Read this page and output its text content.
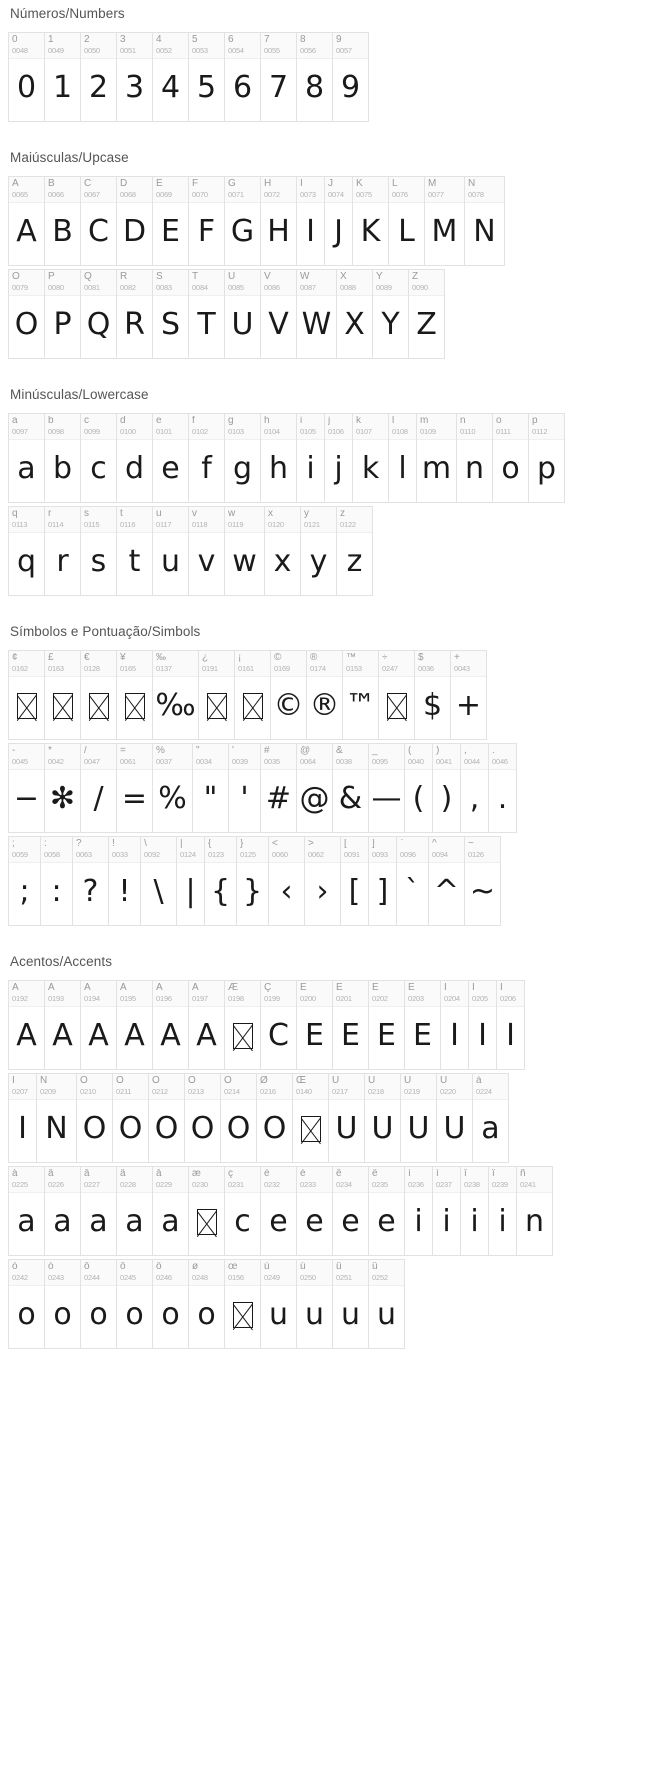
Números/Numbers
0
0048
0
1
0049
1
2
0050
2
3
0051
3
4
0052
4
5
0053
5
6
0054
6
7
0055
7
8
0056
8
9
0057
9
Maiúsculas/Upcase
A
0065
A
B
0066
B
C
0067
C
D
0068
D
E
0069
E
F
0070
F
G
0071
G
H
0072
H
I
0073
I
J
0074
J
K
0075
K
L
0076
L
M
0077
M
N
0078
N
O
0079
O
P
0080
P
Q
0081
Q
R
0082
R
S
0083
S
T
0084
T
U
0085
U
V
0086
V
W
0087
W
X
0088
X
Y
0089
Y
Z
0090
Z
Minúsculas/Lowercase
a
0097
a
b
0098
b
c
0099
c
d
0100
d
e
0101
e
f
0102
f
g
0103
g
h
0104
h
i
0105
i
j
0106
j
k
0107
k
l
0108
l
m
0109
m
n
0110
n
o
0111
o
p
0112
p
q
0113
q
r
0114
r
s
0115
s
t
0116
t
u
0117
u
v
0118
v
w
0119
w
x
0120
x
y
0121
y
z
0122
z
Símbolos e Pontuação/Simbols
¢
0162
£
0163
€
0128
¥
0165
‰
0137
‰
¿
0191
¡
0161
©
0169
©
®
0174
®
™
0153
™
÷
0247
$
0036
$
+
0043
+
-
0045
−
*
0042
✻
/
0047
/
=
0061
=
%
0037
%
"
0034
"
'
0039
'
#
0035
#
@
0064
@
&
0038
&
_
0095
—
(
0040
(
)
0041
)
,
0044
,
.
0046
.
;
0059
;
:
0058
:
?
0063
?
!
0033
!
\
0092
\
|
0124
|
{
0123
{
}
0125
}
<
0060
‹
>
0062
›
[
0091
[
]
0093
]
`
0096
`
^
0094
^
~
0126
~
Acentos/Accents
À
0192
A
Á
0193
A
Â
0194
A
Ã
0195
A
Ä
0196
A
Å
0197
A
Æ
0198
Ç
0199
C
È
0200
E
É
0201
E
Ê
0202
E
Ë
0203
E
Ì
0204
I
Í
0205
I
Î
0206
I
Ï
0207
I
Ñ
0209
N
Ò
0210
O
Ó
0211
O
Ô
0212
O
Õ
0213
O
Ö
0214
O
Ø
0216
O
Œ
0140
Ù
0217
U
Ú
0218
U
Û
0219
U
Ü
0220
U
à
0224
a
á
0225
a
â
0226
a
ã
0227
a
ä
0228
a
å
0229
a
æ
0230
ç
0231
c
è
0232
e
é
0233
e
ê
0234
e
ë
0235
e
ì
0236
i
í
0237
i
î
0238
i
ï
0239
i
ñ
0241
n
ò
0242
o
ó
0243
o
ô
0244
o
õ
0245
o
ö
0246
o
ø
0248
o
œ
0156
ù
0249
u
ú
0250
u
û
0251
u
ü
0252
u
